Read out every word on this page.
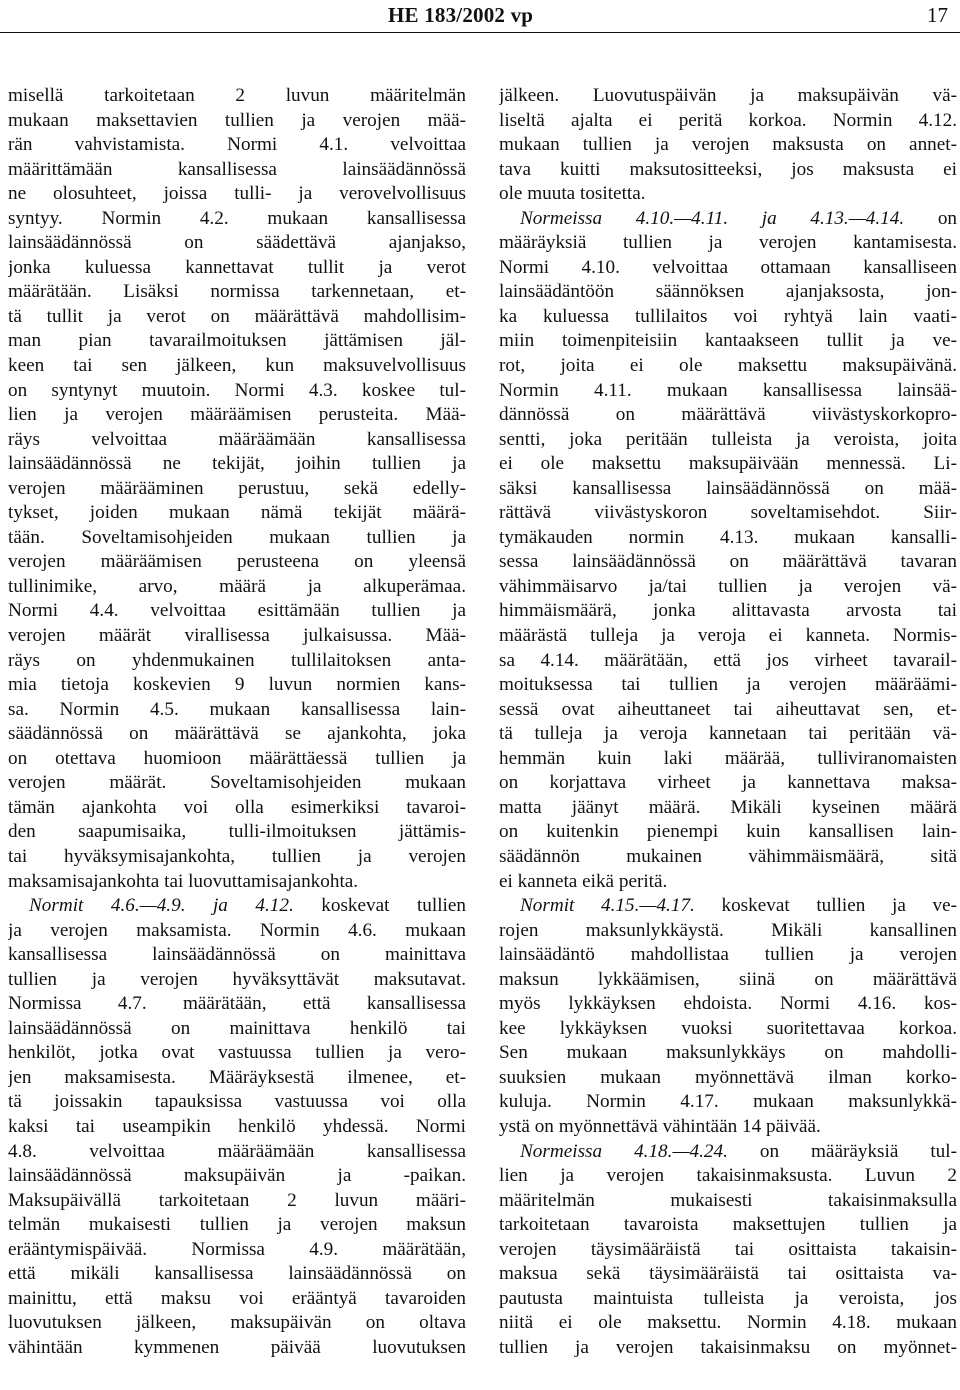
HE 183/2002 vp	17
misellä tarkoitetaan 2 luvun määritelmän
mukaan maksettavien tullien ja verojen mää-
rän vahvistamista. Normi 4.1. velvoittaa
määrittämään kansallisessa lainsäädännössä
ne olosuhteet, joissa tulli- ja verovelvollisuus
syntyy. Normin 4.2. mukaan kansallisessa
lainsäädännössä on säädettävä ajanjakso,
jonka kuluessa kannettavat tullit ja verot
määrätään. Lisäksi normissa tarkennetaan, et-
tä tullit ja verot on määrättävä mahdollisim-
man pian tavarailmoituksen jättämisen jäl-
keen tai sen jälkeen, kun maksuvelvollisuus
on syntynyt muutoin. Normi 4.3. koskee tul-
lien ja verojen määräämisen perusteita. Mää-
räys velvoittaa määräämään kansallisessa
lainsäädännössä ne tekijät, joihin tullien ja
verojen määrääminen perustuu, sekä edelly-
tykset, joiden mukaan nämä tekijät määrä-
tään. Soveltamisohjeiden mukaan tullien ja
verojen määräämisen perusteena on yleensä
tullinimike, arvo, määrä ja alkuperämaa.
Normi 4.4. velvoittaa esittämään tullien ja
verojen määrät virallisessa julkaisussa. Mää-
räys on yhdenmukainen tullilaitoksen anta-
mia tietoja koskevien 9 luvun normien kans-
sa. Normin 4.5. mukaan kansallisessa lain-
säädännössä on määrättävä se ajankohta, joka
on otettava huomioon määrättäessä tullien ja
verojen määrät. Soveltamisohjeiden mukaan
tämän ajankohta voi olla esimerkiksi tavaroi-
den saapumisaika, tulli-ilmoituksen jättämis-
tai hyväksymisajankohta, tullien ja verojen
maksamisajankohta tai luovuttamisajankohta.
Normit 4.6.—4.9. ja 4.12. koskevat tullien
ja verojen maksamista. Normin 4.6. mukaan
kansallisessa lainsäädännössä on mainittava
tullien ja verojen hyväksyttävät maksutavat.
Normissa 4.7. määrätään, että kansallisessa
lainsäädännössä on mainittava henkilö tai
henkilöt, jotka ovat vastuussa tullien ja vero-
jen maksamisesta. Määräyksestä ilmenee, et-
tä joissakin tapauksissa vastuussa voi olla
kaksi tai useampikin henkilö yhdessä. Normi
4.8. velvoittaa määräämään kansallisessa
lainsäädännössä maksupäivän ja -paikan.
Maksupäivällä tarkoitetaan 2 luvun määri-
telmän mukaisesti tullien ja verojen maksun
erääntymispäivää. Normissa 4.9. määrätään,
että mikäli kansallisessa lainsäädännössä on
mainittu, että maksu voi erääntyä tavaroiden
luovutuksen jälkeen, maksupäivän on oltava
vähintään kymmenen päivää luovutuksen
jälkeen. Luovutuspäivän ja maksupäivän vä-
liseltä ajalta ei peritä korkoa. Normin 4.12.
mukaan tullien ja verojen maksusta on annet-
tava kuitti maksutositteeksi, jos maksusta ei
ole muuta tositetta.
Normeissa 4.10.—4.11. ja 4.13.—4.14. on
määräyksiä tullien ja verojen kantamisesta.
Normi 4.10. velvoittaa ottamaan kansalliseen
lainsäädäntöön säännöksen ajanjaksosta, jon-
ka kuluessa tullilaitos voi ryhtyä lain vaati-
miin toimenpiteisiin kantaakseen tullit ja ve-
rot, joita ei ole maksettu maksupäivänä.
Normin 4.11. mukaan kansallisessa lainsää-
dännössä on määrättävä viivästyskorkopro-
sentti, joka peritään tulleista ja veroista, joita
ei ole maksettu maksupäivään mennessä. Li-
säksi kansallisessa lainsäädännössä on mää-
rättävä viivästyskoron soveltamisehdot. Siir-
tymäkauden normin 4.13. mukaan kansalli-
sessa lainsäädännössä on määrättävä tavaran
vähimmäisarvo ja/tai tullien ja verojen vä-
himmäismäärä, jonka alittavasta arvosta tai
määrästä tulleja ja veroja ei kanneta. Normis-
sa 4.14. määrätään, että jos virheet tavarail-
moituksessa tai tullien ja verojen määräämi-
sessä ovat aiheuttaneet tai aiheuttavat sen, et-
tä tulleja ja veroja kannetaan tai peritään vä-
hemmän kuin laki määrää, tulliviranomaisten
on korjattava virheet ja kannettava maksa-
matta jäänyt määrä. Mikäli kyseinen määrä
on kuitenkin pienempi kuin kansallisen lain-
säädännön mukainen vähimmäismäärä, sitä
ei kanneta eikä peritä.
Normit 4.15.—4.17. koskevat tullien ja ve-
rojen maksunlykkäystä. Mikäli kansallinen
lainsäädäntö mahdollistaa tullien ja verojen
maksun lykkäämisen, siinä on määrättävä
myös lykkäyksen ehdoista. Normi 4.16. kos-
kee lykkäyksen vuoksi suoritettavaa korkoa.
Sen mukaan maksunlykkäys on mahdolli-
suuksien mukaan myönnettävä ilman korko-
kuluja. Normin 4.17. mukaan maksunlykkä-
ystä on myönnettävä vähintään 14 päivää.
Normeissa 4.18.—4.24. on määräyksiä tul-
lien ja verojen takaisinmaksusta. Luvun 2
määritelmän mukaisesti takaisinmaksulla
tarkoitetaan tavaroista maksettujen tullien ja
verojen täysimääräistä tai osittaista takaisin-
maksua sekä täysimääräistä tai osittaista va-
pautusta maintuista tulleista ja veroista, jos
niitä ei ole maksettu. Normin 4.18. mukaan
tullien ja verojen takaisinmaksu on myönnet-
